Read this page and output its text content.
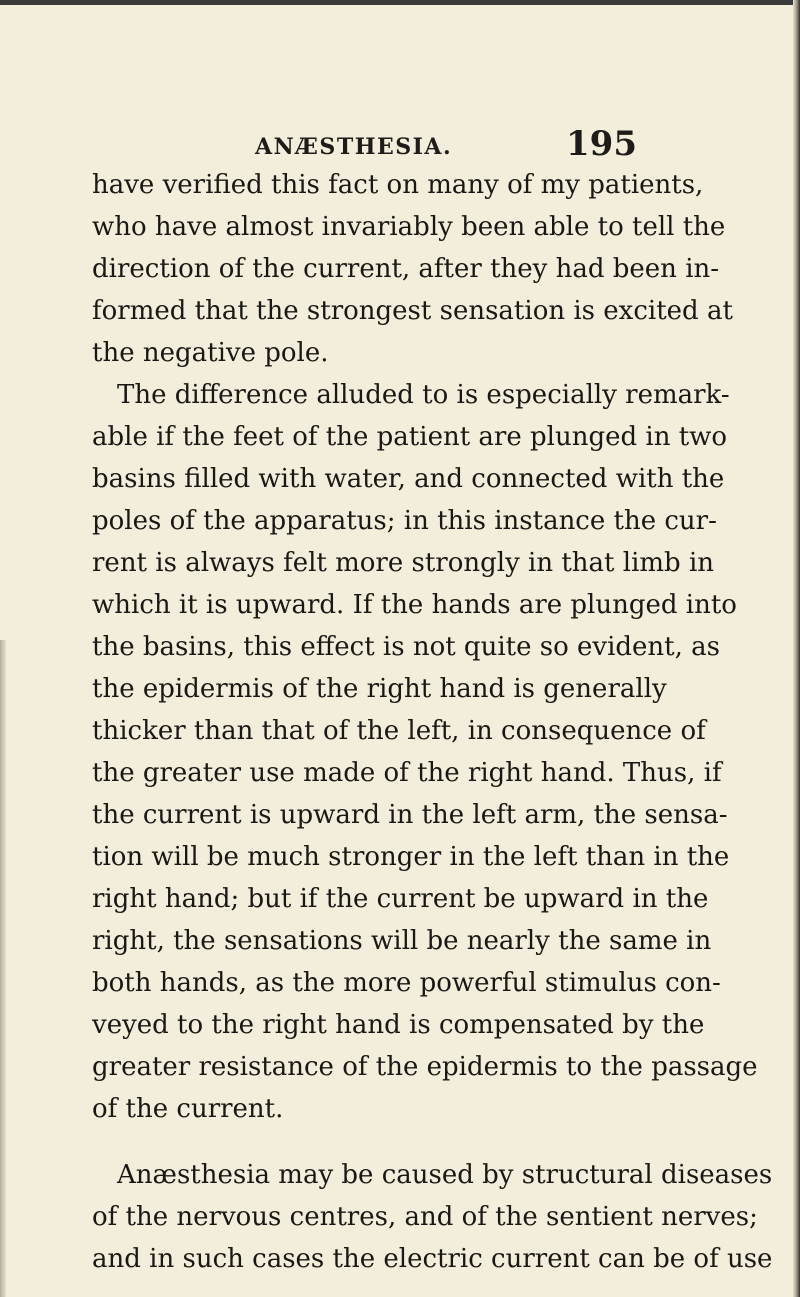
ANÆSTHESIA.	195
have verified this fact on many of my patients,
who have almost invariably been able to tell the
direction of the current, after they had been in-
formed that the strongest sensation is excited at
the negative pole.
The difference alluded to is especially remark-
able if the feet of the patient are plunged in two
basins filled with water, and connected with the
poles of the apparatus; in this instance the cur-
rent is always felt more strongly in that limb in
which it is upward. If the hands are plunged into
the basins, this effect is not quite so evident, as
the epidermis of the right hand is generally
thicker than that of the left, in consequence of
the greater use made of the right hand. Thus, if
the current is upward in the left arm, the sensa-
tion will be much stronger in the left than in the
right hand; but if the current be upward in the
right, the sensations will be nearly the same in
both hands, as the more powerful stimulus con-
veyed to the right hand is compensated by the
greater resistance of the epidermis to the passage
of the current.
Anæsthesia may be caused by structural diseases
of the nervous centres, and of the sentient nerves;
and in such cases the electric current can be of use
